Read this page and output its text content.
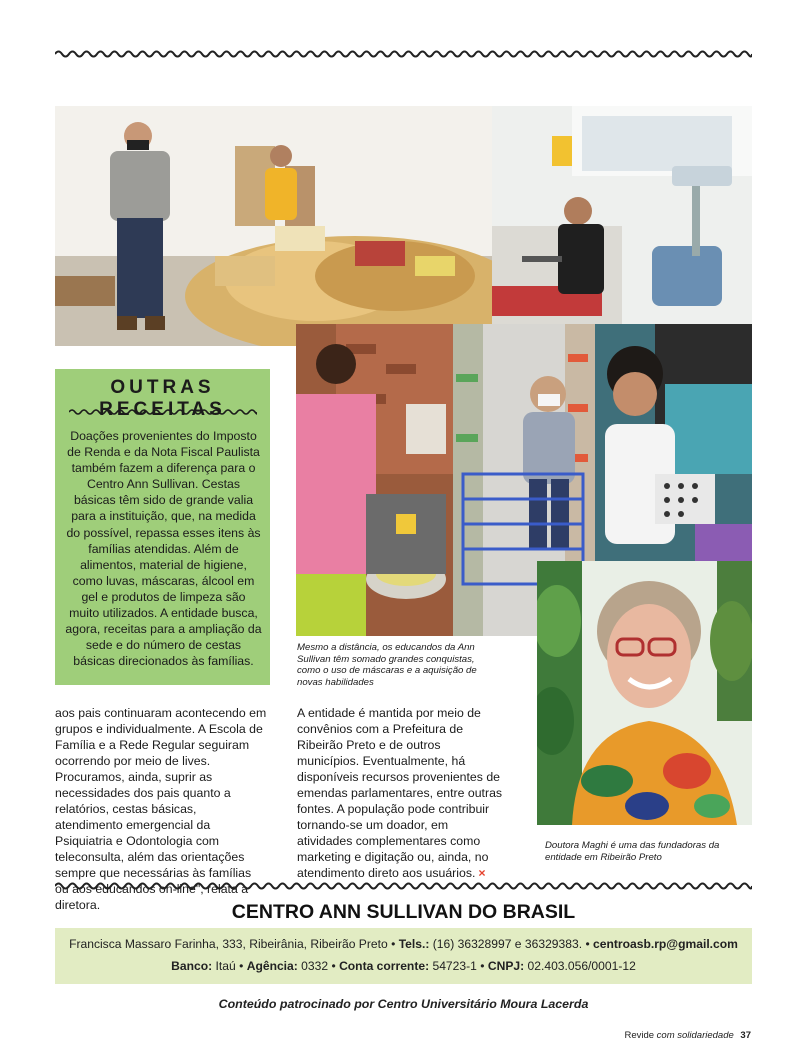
OUTRAS RECEITAS
Doações provenientes do Imposto de Renda e da Nota Fiscal Paulista também fazem a diferença para o Centro Ann Sullivan. Cestas básicas têm sido de grande valia para a instituição, que, na medida do possível, repassa esses itens às famílias atendidas. Além de alimentos, material de higiene, como luvas, máscaras, álcool em gel e produtos de limpeza são muito utilizados. A entidade busca, agora, receitas para a ampliação da sede e do número de cestas básicas direcionados às famílias.
Mesmo a distância, os educandos da Ann Sullivan têm somado grandes conquistas, como o uso de máscaras e a aquisição de novas habilidades
Doutora Maghi é uma das fundadoras da entidade em Ribeirão Preto
aos pais continuaram acontecendo em grupos e individualmente. A Escola de Família e a Rede Regular seguiram ocorrendo por meio de lives. Procuramos, ainda, suprir as necessidades dos pais quanto a relatórios, cestas básicas, atendimento emergencial da Psiquiatria e Odontologia com teleconsulta, além das orientações sempre que necessárias às famílias ou aos educandos on-line", relata a diretora.
A entidade é mantida por meio de convênios com a Prefeitura de Ribeirão Preto e de outros municípios. Eventualmente, há disponíveis recursos provenientes de emendas parlamentares, entre outras fontes. A população pode contribuir tornando-se um doador, em atividades complementares como marketing e digitação ou, ainda, no atendimento direto aos usuários. ×
CENTRO ANN SULLIVAN DO BRASIL
Francisca Massaro Farinha, 333, Ribeirânia, Ribeirão Preto • Tels.: (16) 36328997 e 36329383. • centroasb.rp@gmail.com
Banco: Itaú • Agência: 0332 • Conta corrente: 54723-1 • CNPJ: 02.403.056/0001-12
Conteúdo patrocinado por Centro Universitário Moura Lacerda
Revide com solidariedade 37
